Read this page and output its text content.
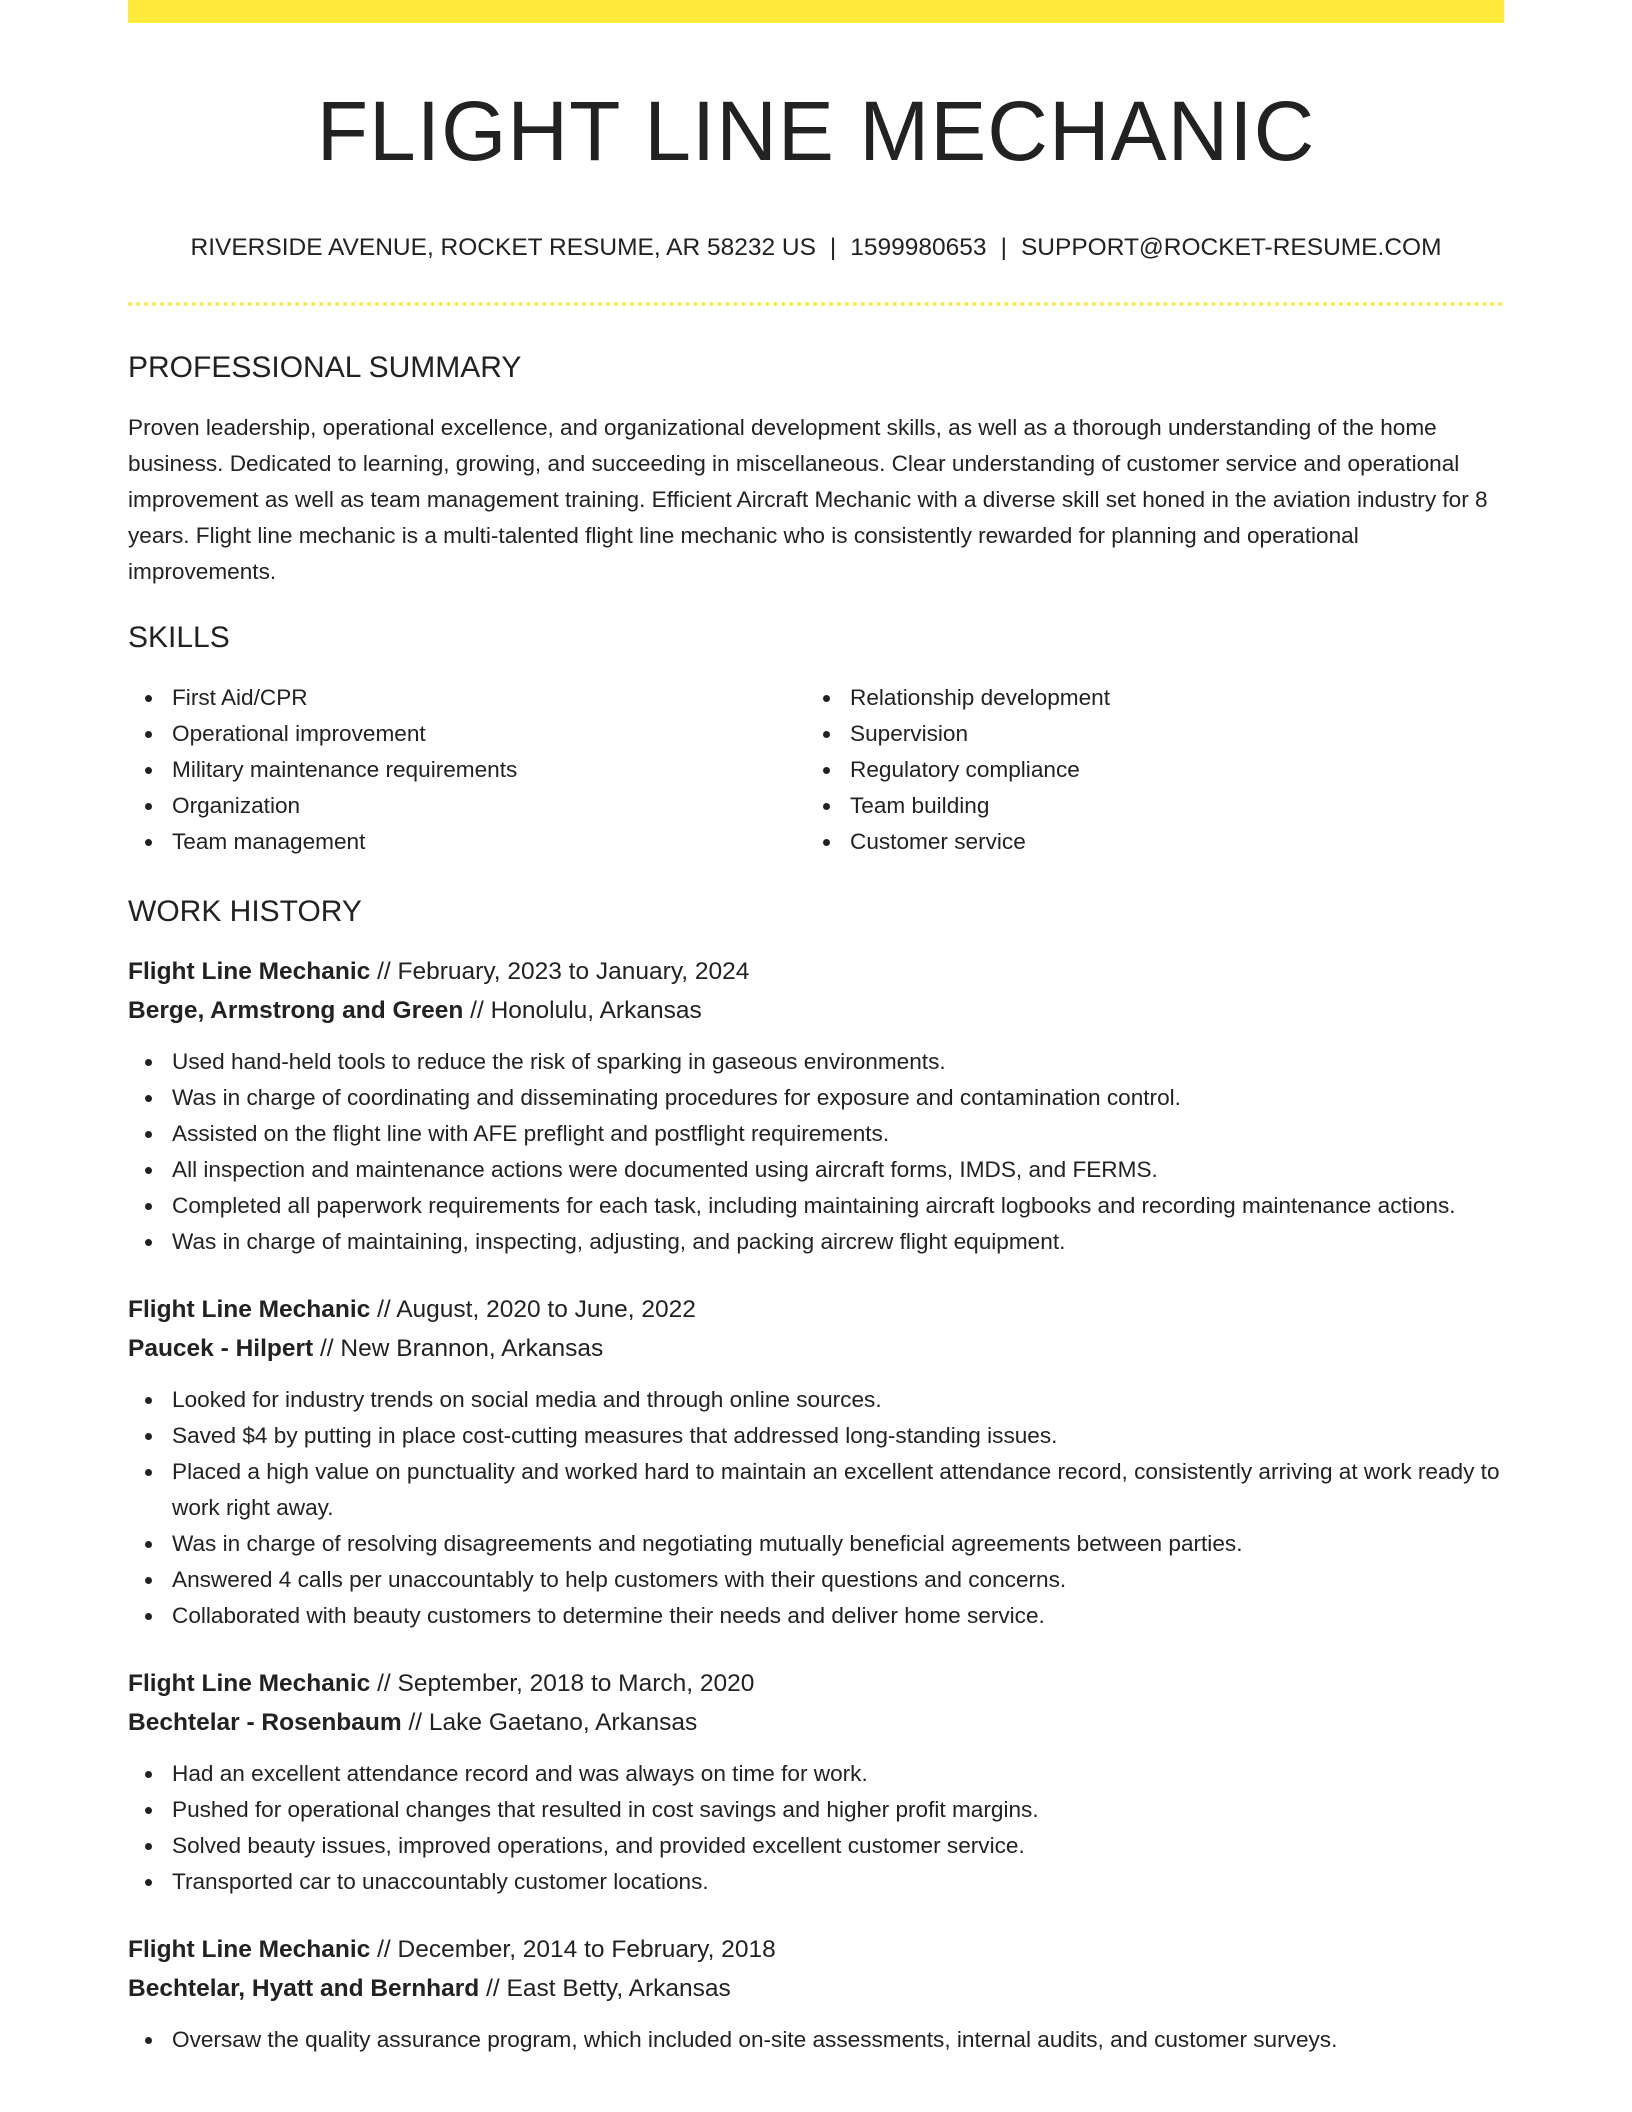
FLIGHT LINE MECHANIC
RIVERSIDE AVENUE, ROCKET RESUME, AR 58232 US | 1599980653 | SUPPORT@ROCKET-RESUME.COM
PROFESSIONAL SUMMARY
Proven leadership, operational excellence, and organizational development skills, as well as a thorough understanding of the home business. Dedicated to learning, growing, and succeeding in miscellaneous. Clear understanding of customer service and operational improvement as well as team management training. Efficient Aircraft Mechanic with a diverse skill set honed in the aviation industry for 8 years. Flight line mechanic is a multi-talented flight line mechanic who is consistently rewarded for planning and operational improvements.
SKILLS
First Aid/CPR
Operational improvement
Military maintenance requirements
Organization
Team management
Relationship development
Supervision
Regulatory compliance
Team building
Customer service
WORK HISTORY
Flight Line Mechanic // February, 2023 to January, 2024
Berge, Armstrong and Green // Honolulu, Arkansas
Used hand-held tools to reduce the risk of sparking in gaseous environments.
Was in charge of coordinating and disseminating procedures for exposure and contamination control.
Assisted on the flight line with AFE preflight and postflight requirements.
All inspection and maintenance actions were documented using aircraft forms, IMDS, and FERMS.
Completed all paperwork requirements for each task, including maintaining aircraft logbooks and recording maintenance actions.
Was in charge of maintaining, inspecting, adjusting, and packing aircrew flight equipment.
Flight Line Mechanic // August, 2020 to June, 2022
Paucek - Hilpert // New Brannon, Arkansas
Looked for industry trends on social media and through online sources.
Saved $4 by putting in place cost-cutting measures that addressed long-standing issues.
Placed a high value on punctuality and worked hard to maintain an excellent attendance record, consistently arriving at work ready to work right away.
Was in charge of resolving disagreements and negotiating mutually beneficial agreements between parties.
Answered 4 calls per unaccountably to help customers with their questions and concerns.
Collaborated with beauty customers to determine their needs and deliver home service.
Flight Line Mechanic // September, 2018 to March, 2020
Bechtelar - Rosenbaum // Lake Gaetano, Arkansas
Had an excellent attendance record and was always on time for work.
Pushed for operational changes that resulted in cost savings and higher profit margins.
Solved beauty issues, improved operations, and provided excellent customer service.
Transported car to unaccountably customer locations.
Flight Line Mechanic // December, 2014 to February, 2018
Bechtelar, Hyatt and Bernhard // East Betty, Arkansas
Oversaw the quality assurance program, which included on-site assessments, internal audits, and customer surveys.
